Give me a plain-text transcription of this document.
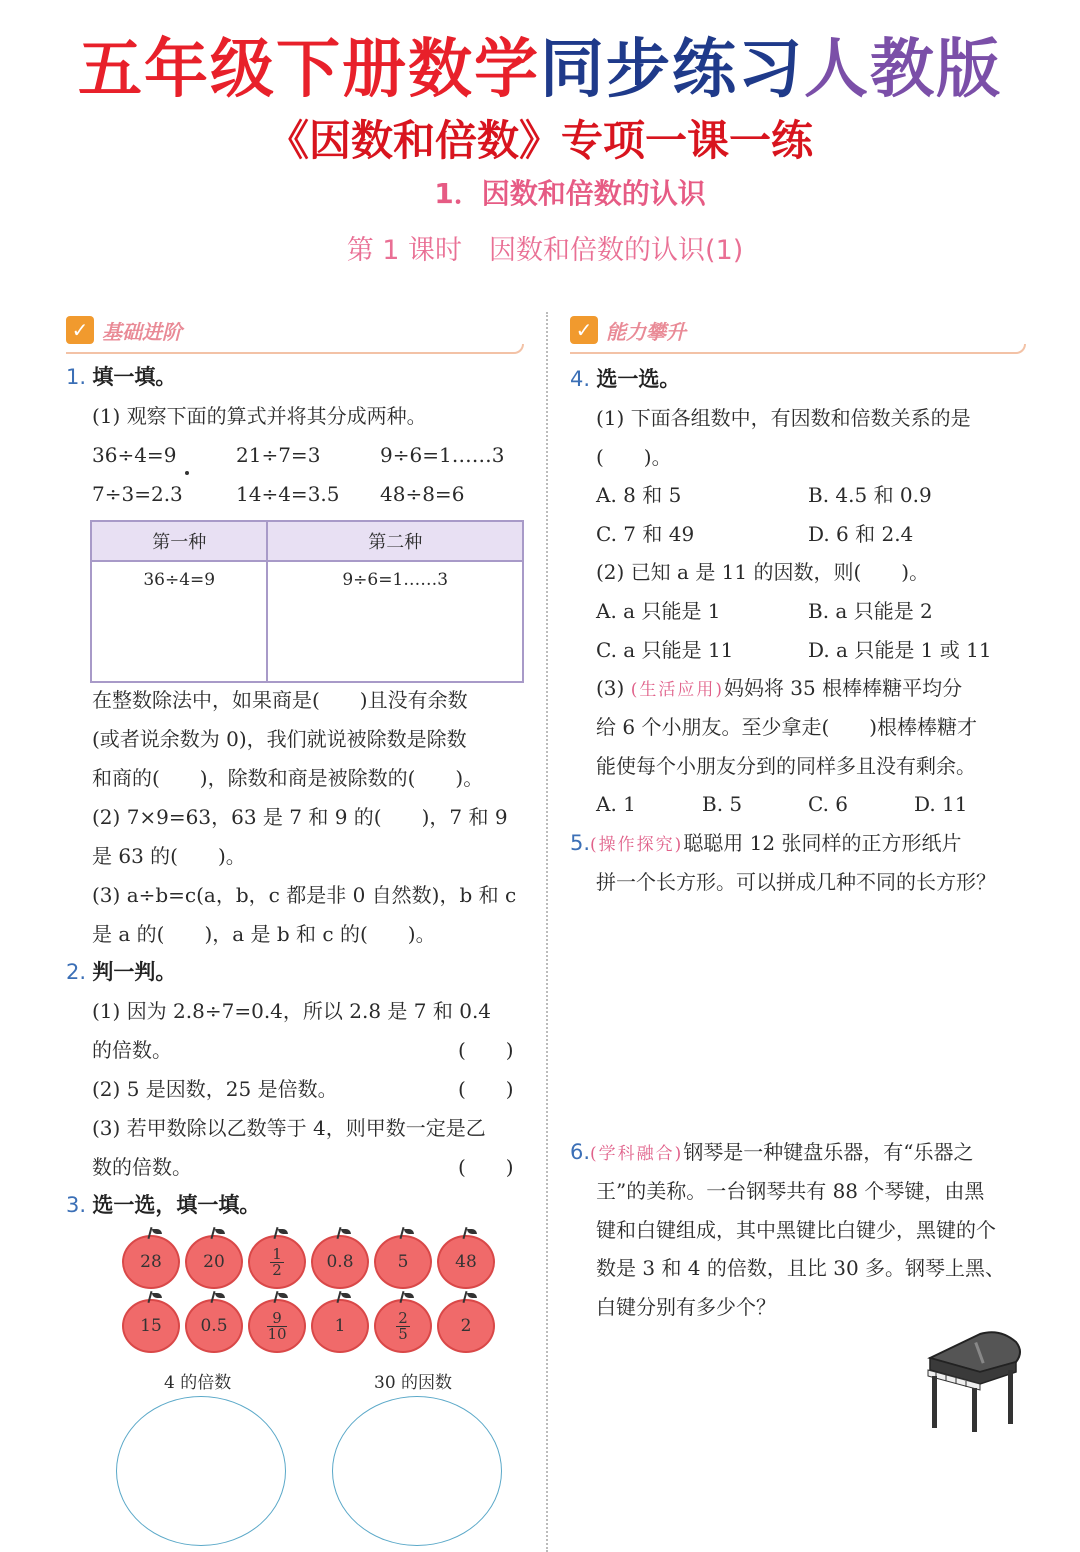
五年级下册数学同步练习人教版
《因数和倍数》专项一课一练
1．因数和倍数的认识
第 1 课时　因数和倍数的认识(1)
✓ 基础进阶
1. 填一填。
(1) 观察下面的算式并将其分成两种。
36÷4=9	21÷7=3	9÷6=1……3
7÷3=2.3	14÷4=3.5 48÷8=6
第一种	第二种
36÷4=9	9÷6=1……3
在整数除法中，如果商是(　　)且没有余数
(或者说余数为 0)，我们就说被除数是除数
和商的(　　)，除数和商是被除数的(　　)。
(2) 7×9=63，63 是 7 和 9 的(　　)，7 和 9
是 63 的(　　)。
(3) a÷b=c(a，b，c 都是非 0 自然数)，b 和 c
是 a 的(　　)，a 是 b 和 c 的(　　)。
2. 判一判。
(1) 因为 2.8÷7=0.4，所以 2.8 是 7 和 0.4
的倍数。	(　　)
(2) 5 是因数，25 是倍数。	(　　)
(3) 若甲数除以乙数等于 4，则甲数一定是乙
数的倍数。	(　　)
3. 选一选，填一填。
28	20	$\frac{1}{2}$	0.8	5	48
15	0.5	$\frac{9}{10}$	1	$\frac{2}{5}$	2
4 的倍数	30 的因数
✓ 能力攀升
4. 选一选。
(1) 下面各组数中，有因数和倍数关系的是
(　　)。
A. 8 和 5	B. 4.5 和 0.9
C. 7 和 49	D. 6 和 2.4
(2) 已知 a 是 11 的因数，则(　　)。
A. a 只能是 1	B. a 只能是 2
C. a 只能是 11	D. a 只能是 1 或 11
(3) (生活应用)妈妈将 35 根棒棒糖平均分
给 6 个小朋友。至少拿走(　　)根棒棒糖才
能使每个小朋友分到的同样多且没有剩余。
A. 1	B. 5	C. 6	D. 11
5.(操作探究)聪聪用 12 张同样的正方形纸片
拼一个长方形。可以拼成几种不同的长方形？
6.(学科融合)钢琴是一种键盘乐器，有“乐器之
王”的美称。一台钢琴共有 88 个琴键，由黑
键和白键组成，其中黑键比白键少，黑键的个
数是 3 和 4 的倍数，且比 30 多。钢琴上黑、
白键分别有多少个？
